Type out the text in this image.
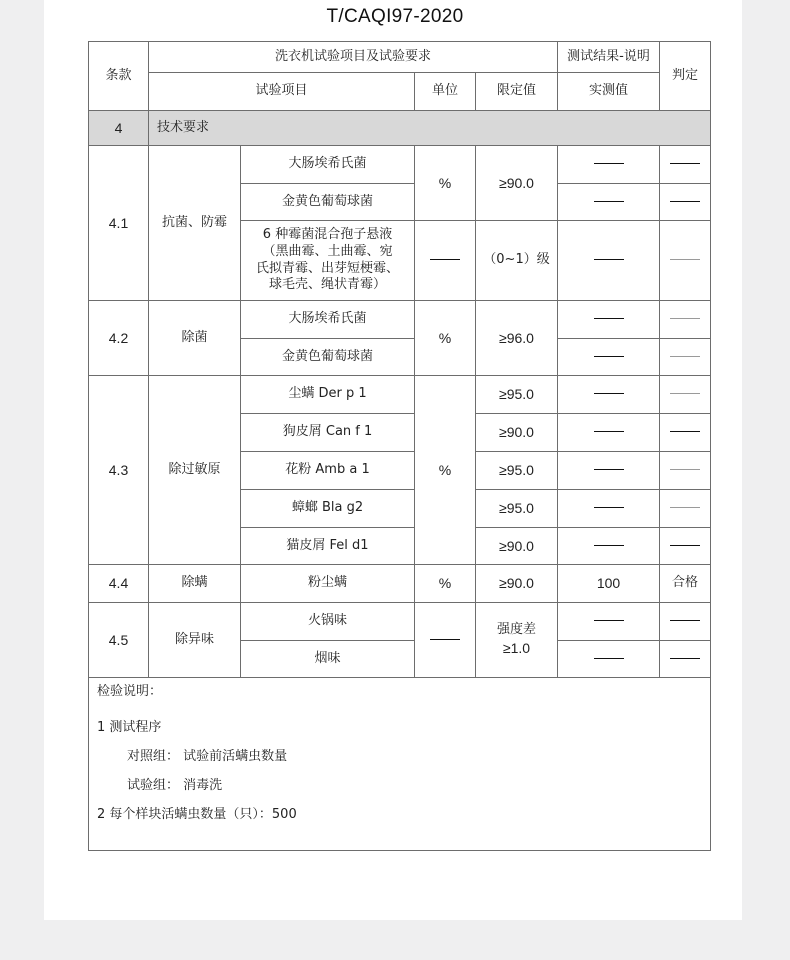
T/CAQI97-2020
条款	洗衣机试验项目及试验要求				测试结果-说明	判定
	试验项目		单位	限定值	实测值	
4	技术要求					
4.1	抗菌、防霉	大肠埃希氏菌	%	≥90.0		
		金黄色葡萄球菌				
		6 种霉菌混合孢子悬液
（黑曲霉、土曲霉、宛
氏拟青霉、出芽短梗霉、
球毛壳、绳状青霉）		（0~1）级		
4.2	除菌	大肠埃希氏菌	%	≥96.0		
		金黄色葡萄球菌				
4.3	除过敏原	尘螨 Der p 1	%	≥95.0		
		狗皮屑 Can f 1		≥90.0		
		花粉 Amb a 1		≥95.0		
		蟑螂 Bla g2		≥95.0		
		猫皮屑 Fel d1		≥90.0		
4.4	除螨	粉尘螨	%	≥90.0	100	合格
4.5	除异味	火锅味		强度差
≥1.0		

		烟味				

检验说明：
1 测试程序
对照组： 试验前活螨虫数量
试验组： 消毒洗
2 每个样块活螨虫数量（只）：500						
